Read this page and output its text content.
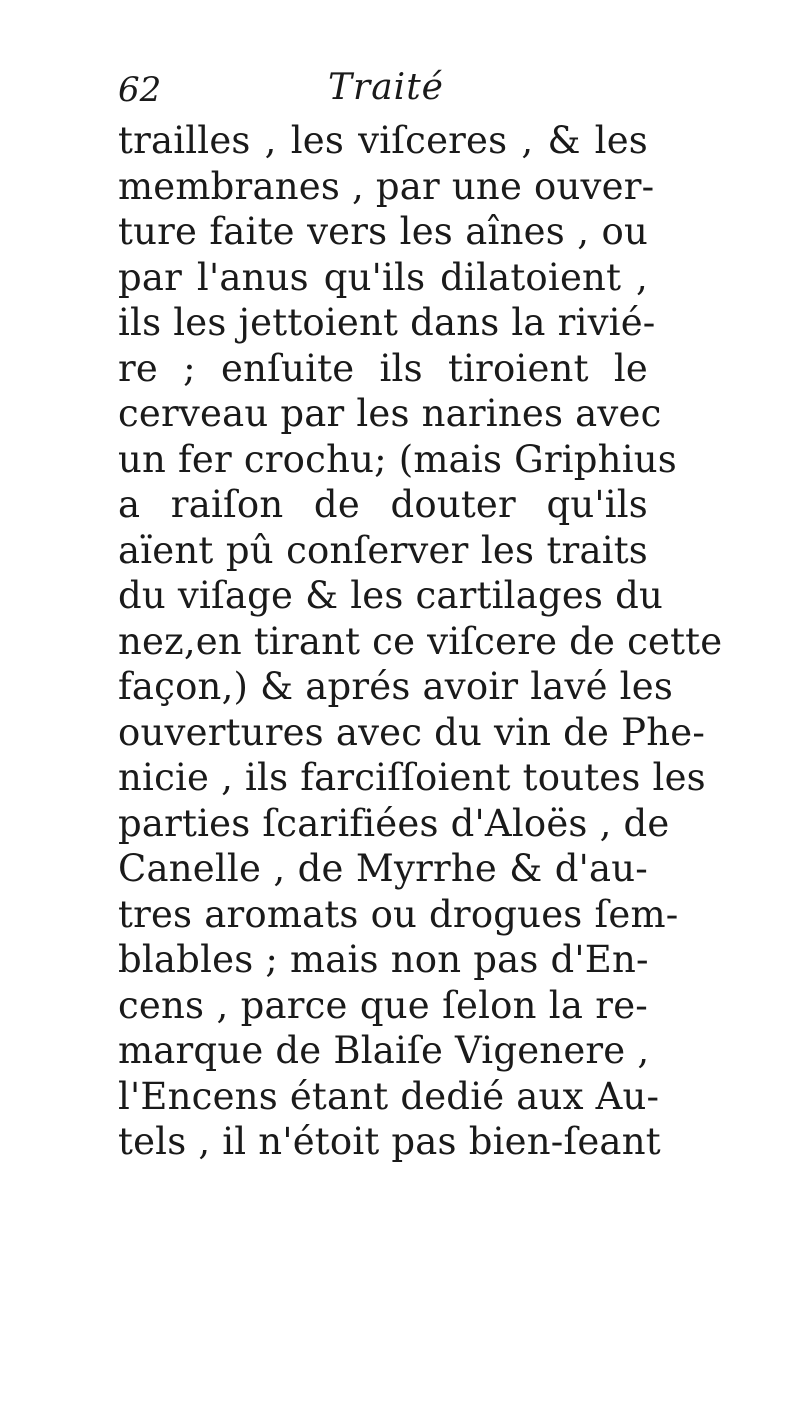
62	Traité
trailles , les viſceres , & les
membranes , par une ouver-
ture faite vers les aînes , ou
par l'anus qu'ils dilatoient ,
ils les jettoient dans la rivié-
re ; enſuite ils tiroient le
cerveau par les narines avec
un fer crochu; (mais Griphius
a raiſon de douter qu'ils
aïent pû conſerver les traits
du viſage & les cartilages du
nez,en tirant ce viſcere de cette
façon,) & aprés avoir lavé les
ouvertures avec du vin de Phe-
nicie , ils farciſſoient toutes les
parties ſcarifiées d'Aloës , de
Canelle , de Myrrhe & d'au-
tres aromats ou drogues ſem-
blables ; mais non pas d'En-
cens , parce que ſelon la re-
marque de Blaiſe Vigenere ,
l'Encens étant dedié aux Au-
tels , il n'étoit pas bien-ſeant
